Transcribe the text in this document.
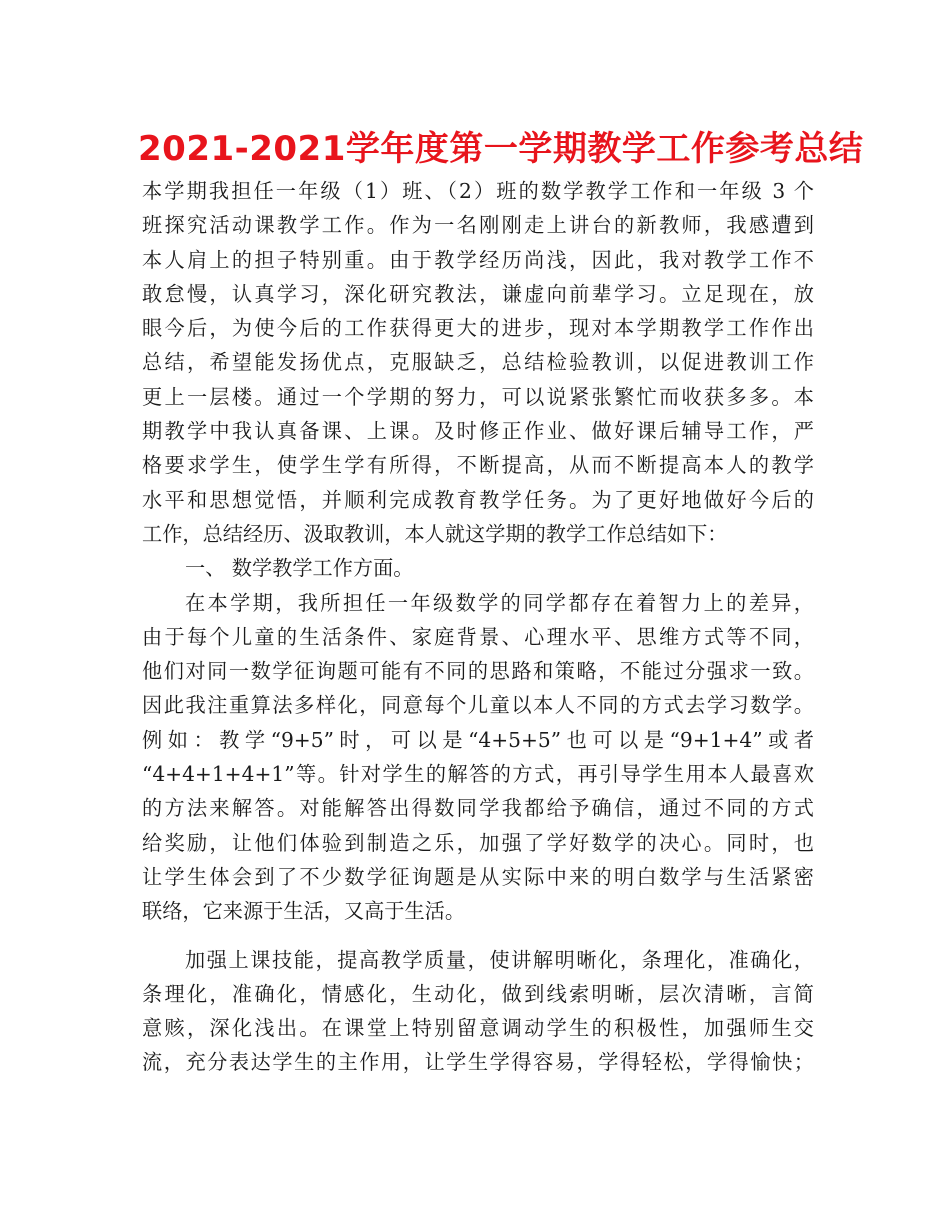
2021-2021学年度第一学期教学工作参考总结
本学期我担任一年级（1）班、（2）班的数学教学工作和一年级 3 个
班探究活动课教学工作。作为一名刚刚走上讲台的新教师，我感遭到
本人肩上的担子特别重。由于教学经历尚浅，因此，我对教学工作不
敢怠慢，认真学习，深化研究教法，谦虚向前辈学习。立足现在，放
眼今后，为使今后的工作获得更大的进步，现对本学期教学工作作出
总结，希望能发扬优点，克服缺乏，总结检验教训，以促进教训工作
更上一层楼。通过一个学期的努力，可以说紧张繁忙而收获多多。本
期教学中我认真备课、上课。及时修正作业、做好课后辅导工作，严
格要求学生，使学生学有所得，不断提高，从而不断提高本人的教学
水平和思想觉悟，并顺利完成教育教学任务。为了更好地做好今后的
工作，总结经历、汲取教训，本人就这学期的教学工作总结如下：
一、 数学教学工作方面。
在本学期，我所担任一年级数学的同学都存在着智力上的差异，
由于每个儿童的生活条件、家庭背景、心理水平、思维方式等不同，
他们对同一数学征询题可能有不同的思路和策略，不能过分强求一致。
因此我注重算法多样化，同意每个儿童以本人不同的方式去学习数学。
例如：教学“9+5”时，可以是“4+5+5”也可以是“9+1+4”或者
“4+4+1+4+1”等。针对学生的解答的方式，再引导学生用本人最喜欢
的方法来解答。对能解答出得数同学我都给予确信，通过不同的方式
给奖励，让他们体验到制造之乐，加强了学好数学的决心。同时，也
让学生体会到了不少数学征询题是从实际中来的明白数学与生活紧密
联络，它来源于生活，又高于生活。
加强上课技能，提高教学质量，使讲解明晰化，条理化，准确化，
条理化，准确化，情感化，生动化，做到线索明晰，层次清晰，言简
意赅，深化浅出。在课堂上特别留意调动学生的积极性，加强师生交
流，充分表达学生的主作用，让学生学得容易，学得轻松，学得愉快；
